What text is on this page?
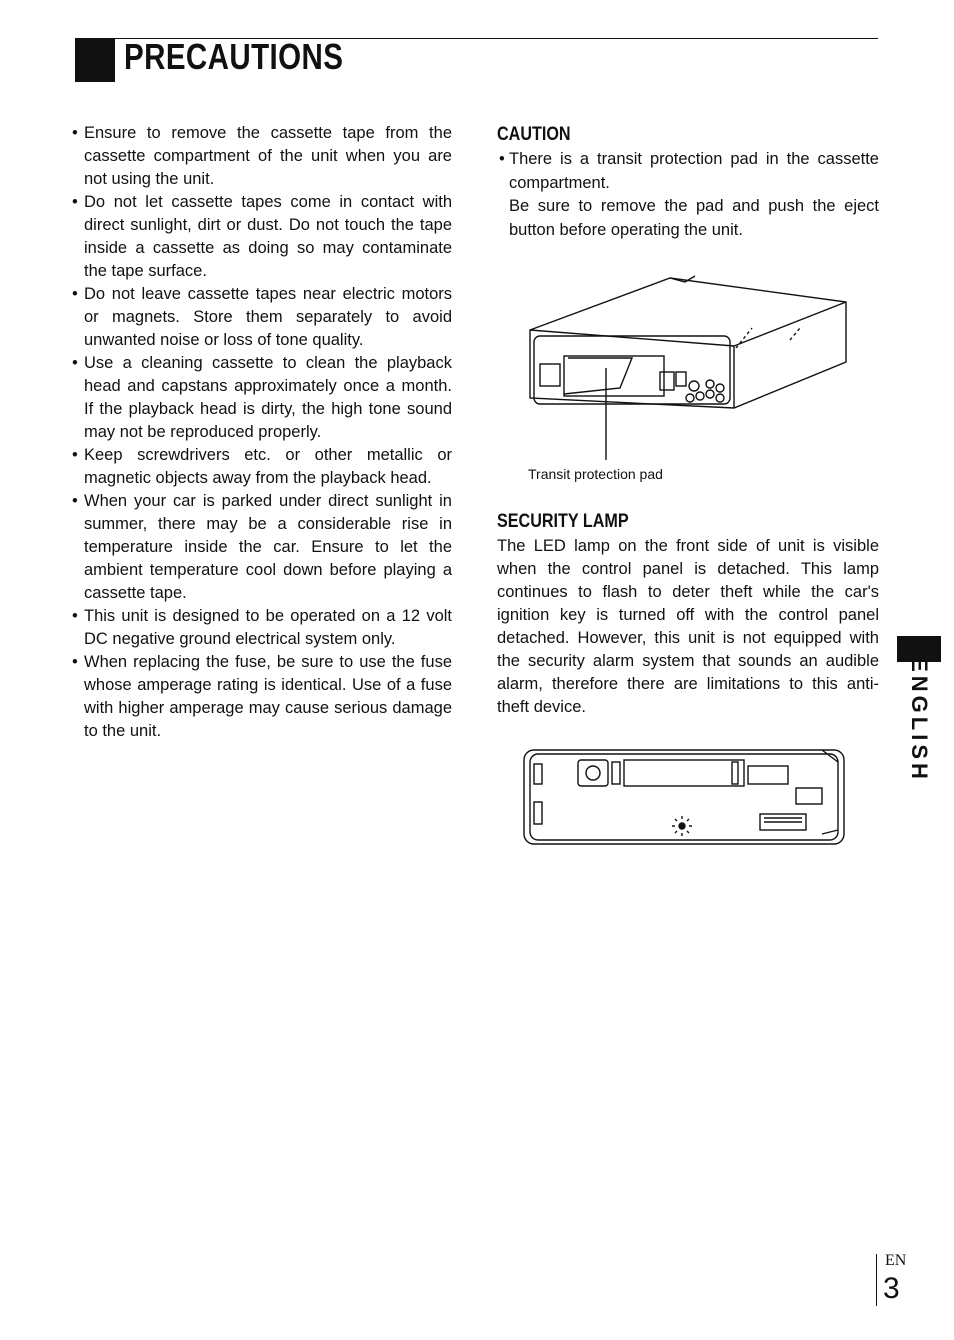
PRECAUTIONS
• Ensure to remove the cassette tape from the cassette compartment of the unit when you are not using the unit.
• Do not let cassette tapes come in contact with direct sunlight, dirt or dust. Do not touch the tape inside a cassette as doing so may contaminate the tape surface.
• Do not leave cassette tapes near electric motors or magnets. Store them separately to avoid unwanted noise or loss of tone quality.
• Use a cleaning cassette to clean the playback head and capstans approximately once a month. If the playback head is dirty, the high tone sound may not be reproduced properly.
• Keep screwdrivers etc. or other metallic or magnetic objects away from the playback head.
• When your car is parked under direct sunlight in summer, there may be a considerable rise in temperature inside the car. Ensure to let the ambient temperature cool down before playing a cassette tape.
• This unit is designed to be operated on a 12 volt DC negative ground electrical system only.
• When replacing the fuse, be sure to use the fuse whose amperage rating is identical. Use of a fuse with higher amperage may cause serious damage to the unit.
CAUTION

• There is a transit protection pad in the cassette compartment.

Be sure to remove the pad and push the eject button before operating the unit.

Transit protection pad
SECURITY LAMP

The LED lamp on the front side of unit is visible when the control panel is detached. This lamp continues to flash to deter theft while the car's ignition key is turned off with the control panel detached. However, this unit is not equipped with the security alarm system that sounds an audible alarm, therefore there are limitations to this anti-theft device.	ENGLISH
EN
3
